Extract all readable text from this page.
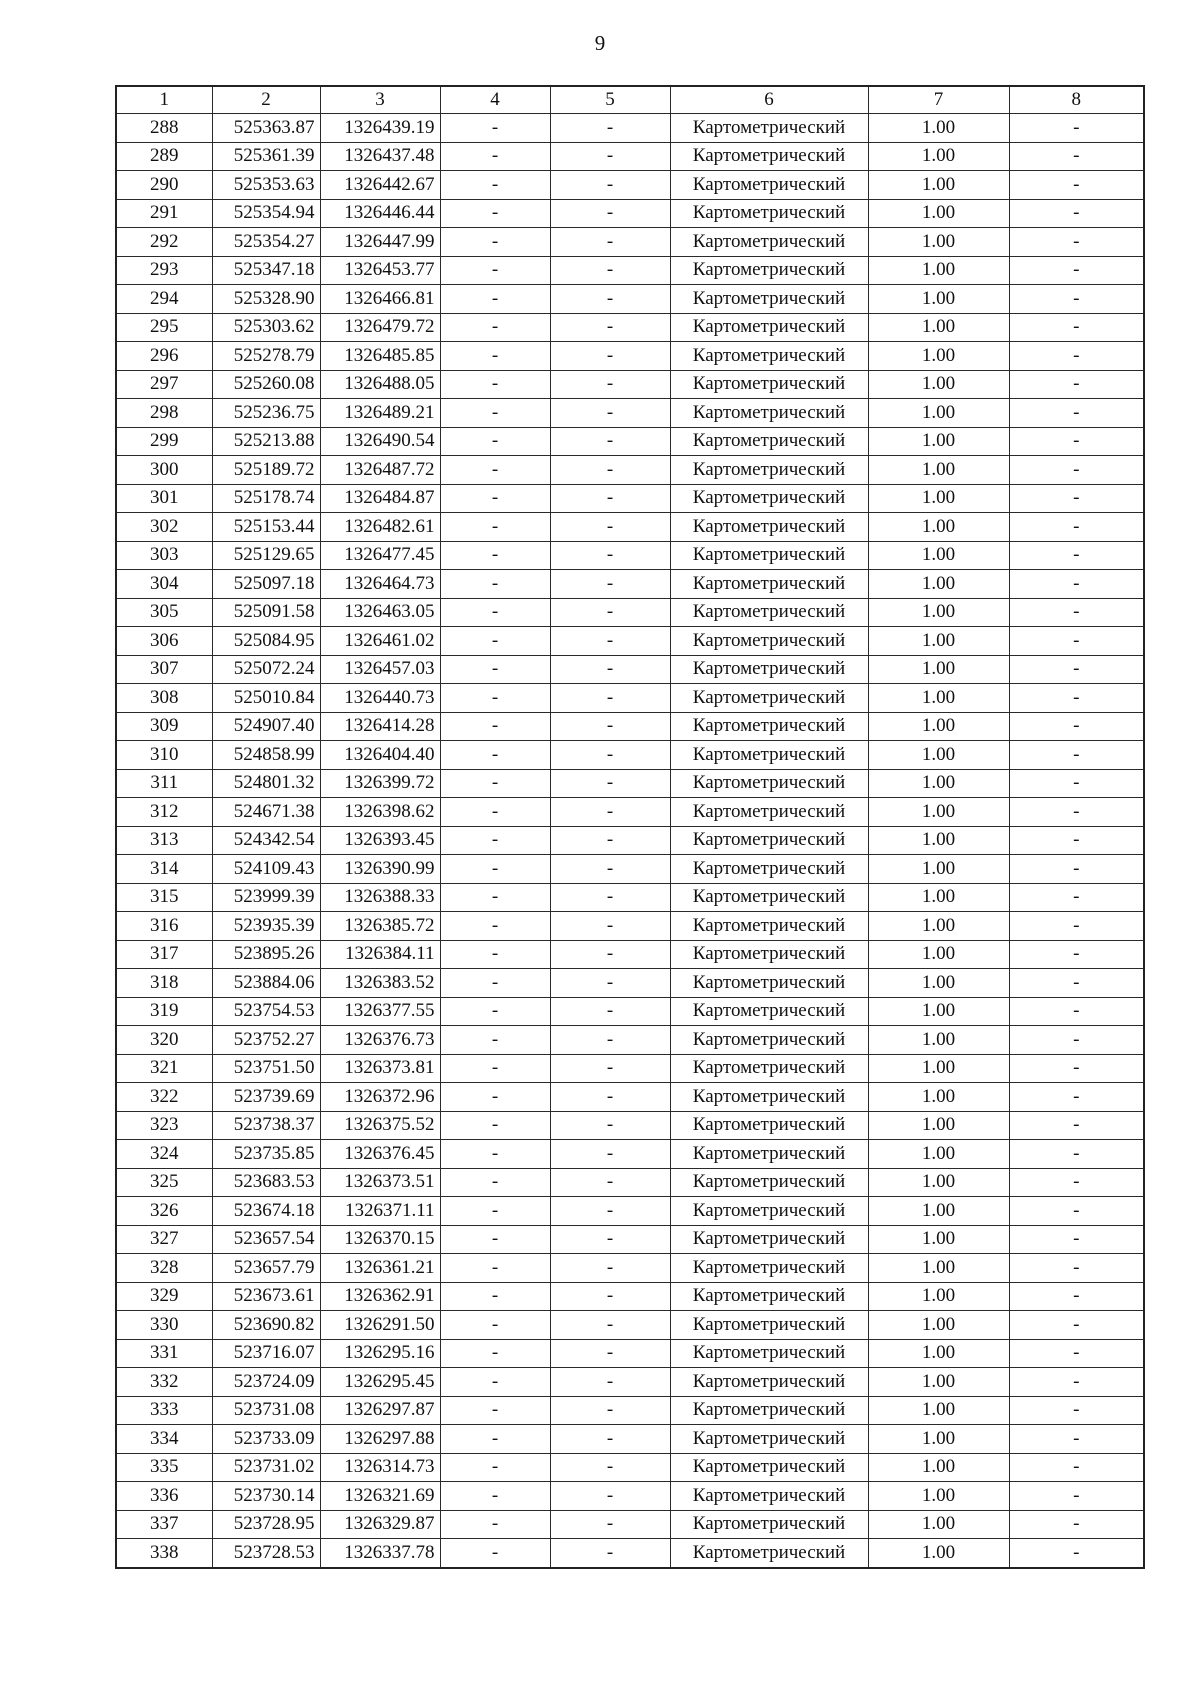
9
1	2	3	4	5	6	7	8
288	525363.87	1326439.19	-	-	Картометрический	1.00	-
289	525361.39	1326437.48	-	-	Картометрический	1.00	-
290	525353.63	1326442.67	-	-	Картометрический	1.00	-
291	525354.94	1326446.44	-	-	Картометрический	1.00	-
292	525354.27	1326447.99	-	-	Картометрический	1.00	-
293	525347.18	1326453.77	-	-	Картометрический	1.00	-
294	525328.90	1326466.81	-	-	Картометрический	1.00	-
295	525303.62	1326479.72	-	-	Картометрический	1.00	-
296	525278.79	1326485.85	-	-	Картометрический	1.00	-
297	525260.08	1326488.05	-	-	Картометрический	1.00	-
298	525236.75	1326489.21	-	-	Картометрический	1.00	-
299	525213.88	1326490.54	-	-	Картометрический	1.00	-
300	525189.72	1326487.72	-	-	Картометрический	1.00	-
301	525178.74	1326484.87	-	-	Картометрический	1.00	-
302	525153.44	1326482.61	-	-	Картометрический	1.00	-
303	525129.65	1326477.45	-	-	Картометрический	1.00	-
304	525097.18	1326464.73	-	-	Картометрический	1.00	-
305	525091.58	1326463.05	-	-	Картометрический	1.00	-
306	525084.95	1326461.02	-	-	Картометрический	1.00	-
307	525072.24	1326457.03	-	-	Картометрический	1.00	-
308	525010.84	1326440.73	-	-	Картометрический	1.00	-
309	524907.40	1326414.28	-	-	Картометрический	1.00	-
310	524858.99	1326404.40	-	-	Картометрический	1.00	-
311	524801.32	1326399.72	-	-	Картометрический	1.00	-
312	524671.38	1326398.62	-	-	Картометрический	1.00	-
313	524342.54	1326393.45	-	-	Картометрический	1.00	-
314	524109.43	1326390.99	-	-	Картометрический	1.00	-
315	523999.39	1326388.33	-	-	Картометрический	1.00	-
316	523935.39	1326385.72	-	-	Картометрический	1.00	-
317	523895.26	1326384.11	-	-	Картометрический	1.00	-
318	523884.06	1326383.52	-	-	Картометрический	1.00	-
319	523754.53	1326377.55	-	-	Картометрический	1.00	-
320	523752.27	1326376.73	-	-	Картометрический	1.00	-
321	523751.50	1326373.81	-	-	Картометрический	1.00	-
322	523739.69	1326372.96	-	-	Картометрический	1.00	-
323	523738.37	1326375.52	-	-	Картометрический	1.00	-
324	523735.85	1326376.45	-	-	Картометрический	1.00	-
325	523683.53	1326373.51	-	-	Картометрический	1.00	-
326	523674.18	1326371.11	-	-	Картометрический	1.00	-
327	523657.54	1326370.15	-	-	Картометрический	1.00	-
328	523657.79	1326361.21	-	-	Картометрический	1.00	-
329	523673.61	1326362.91	-	-	Картометрический	1.00	-
330	523690.82	1326291.50	-	-	Картометрический	1.00	-
331	523716.07	1326295.16	-	-	Картометрический	1.00	-
332	523724.09	1326295.45	-	-	Картометрический	1.00	-
333	523731.08	1326297.87	-	-	Картометрический	1.00	-
334	523733.09	1326297.88	-	-	Картометрический	1.00	-
335	523731.02	1326314.73	-	-	Картометрический	1.00	-
336	523730.14	1326321.69	-	-	Картометрический	1.00	-
337	523728.95	1326329.87	-	-	Картометрический	1.00	-
338	523728.53	1326337.78	-	-	Картометрический	1.00	-
